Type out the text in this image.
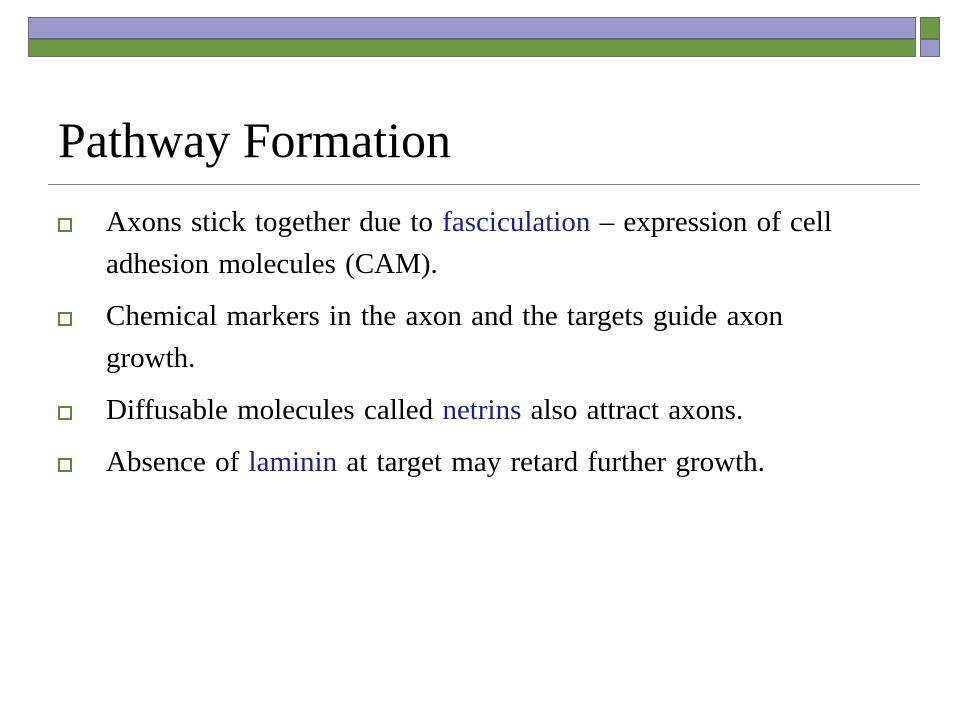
Pathway Formation
Axons stick together due to fasciculation – expression of cell adhesion molecules (CAM).
Chemical markers in the axon and the targets guide axon growth.
Diffusable molecules called netrins also attract axons.
Absence of laminin at target may retard further growth.
